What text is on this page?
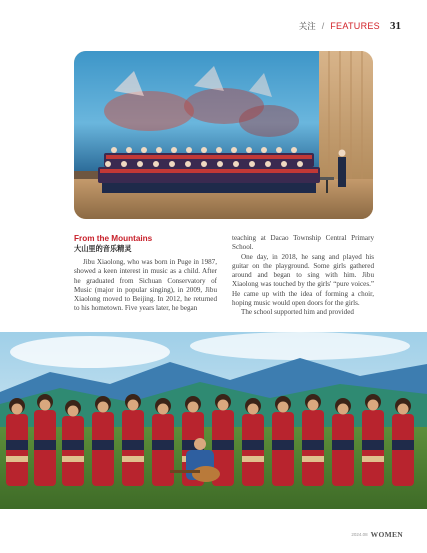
关注 / FEATURES 31
From the Mountains
大山里的音乐精灵

Jibu Xiaolong, who was born in Puge in 1987, showed a keen interest in music as a child. After he graduated from Sichuan Conservatory of Music (major in popular singing), in 2009, Jibu Xiaolong moved to Beijing. In 2012, he returned to his hometown. Five years later, he began

teaching at Dacao Township Central Primary School.

One day, in 2018, he sang and played his guitar on the playground. Some girls gathered around and began to sing with him. Jibu Xiaolong was touched by the girls' “pure voices.” He came up with the idea of forming a choir, hoping music would open doors for the girls.

The school supported him and provided

2024.08 WOMEN
